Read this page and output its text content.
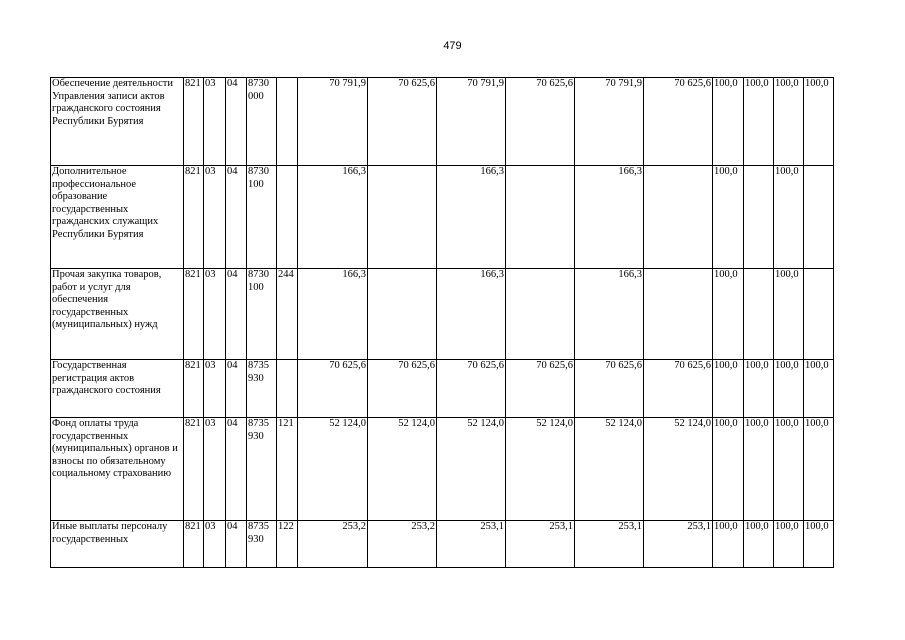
479
Обеспечение деятельности Управления записи актов гражданского состояния Республики Бурятия	821	03	04	8730 000		70 791,9	70 625,6	70 791,9	70 625,6	70 791,9	70 625,6	100,0	100,0	100,0	100,0
Дополнительное профессиональное образование государственных гражданских служащих Республики Бурятия	821	03	04	8730 100		166,3		166,3		166,3		100,0		100,0	
Прочая закупка товаров, работ и услуг для обеспечения государственных (муниципальных) нужд	821	03	04	8730 100	244	166,3		166,3		166,3		100,0		100,0	
Государственная регистрация актов гражданского состояния	821	03	04	8735 930		70 625,6	70 625,6	70 625,6	70 625,6	70 625,6	70 625,6	100,0	100,0	100,0	100,0
Фонд оплаты труда государственных (муниципальных) органов и взносы по обязательному социальному страхованию	821	03	04	8735 930	121	52 124,0	52 124,0	52 124,0	52 124,0	52 124,0	52 124,0	100,0	100,0	100,0	100,0
Иные выплаты персоналу государственных	821	03	04	8735 930	122	253,2	253,2	253,1	253,1	253,1	253,1	100,0	100,0	100,0	100,0
